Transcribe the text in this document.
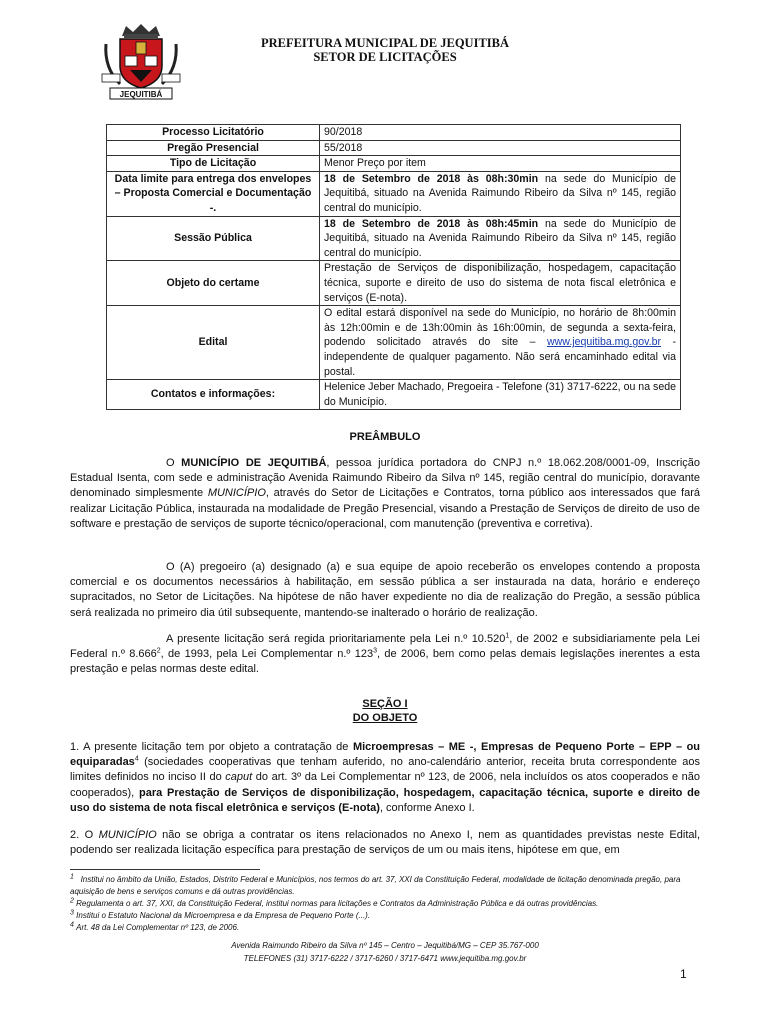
JEQUITIBÁ
PREFEITURA MUNICIPAL DE JEQUITIBÁ
SETOR DE LICITAÇÕES
Processo Licitatório	90/2018
Pregão Presencial	55/2018
Tipo de Licitação	Menor Preço por item
Data limite para entrega dos envelopes – Proposta Comercial e Documentação -.	18 de Setembro de 2018 às 08h:30min na sede do Município de Jequitibá, situado na Avenida Raimundo Ribeiro da Silva nº 145, região central do município.
Sessão Pública	18 de Setembro de 2018 às 08h:45min na sede do Município de Jequitibá, situado na Avenida Raimundo Ribeiro da Silva nº 145, região central do município.
Objeto do certame	Prestação de Serviços de disponibilização, hospedagem, capacitação técnica, suporte e direito de uso do sistema de nota fiscal eletrônica e serviços (E-nota).
Edital	O edital estará disponível na sede do Município, no horário de 8h:00min às 12h:00min e de 13h:00min às 16h:00min, de segunda a sexta-feira, podendo solicitado através do site – www.jequitiba.mg.gov.br - independente de qualquer pagamento. Não será encaminhado edital via postal.
Contatos e informações:	Helenice Jeber Machado, Pregoeira - Telefone (31) 3717-6222, ou na sede do Município.
PREÂMBULO
O MUNICÍPIO DE JEQUITIBÁ, pessoa jurídica portadora do CNPJ n.º 18.062.208/0001-09, Inscrição Estadual Isenta, com sede e administração Avenida Raimundo Ribeiro da Silva nº 145, região central do município, doravante denominado simplesmente MUNICÍPIO, através do Setor de Licitações e Contratos, torna público aos interessados que fará realizar Licitação Pública, instaurada na modalidade de Pregão Presencial, visando a Prestação de Serviços de direito de uso de software e prestação de serviços de suporte técnico/operacional, com manutenção (preventiva e corretiva).
O (A) pregoeiro (a) designado (a) e sua equipe de apoio receberão os envelopes contendo a proposta comercial e os documentos necessários à habilitação, em sessão pública a ser instaurada na data, horário e endereço supracitados, no Setor de Licitações. Na hipótese de não haver expediente no dia de realização do Pregão, a sessão pública será realizada no primeiro dia útil subsequente, mantendo-se inalterado o horário de realização.
A presente licitação será regida prioritariamente pela Lei n.º 10.520$^1$, de 2002 e subsidiariamente pela Lei Federal n.º 8.666$^2$, de 1993, pela Lei Complementar n.º $123^3$, de 2006, bem como pelas demais legislações inerentes a esta prestação e pelas normas deste edital.
SEÇÃO I
DO OBJETO
1. A presente licitação tem por objeto a contratação de Microempresas – ME -, Empresas de Pequeno Porte – EPP – ou equiparadas$^4$ (sociedades cooperativas que tenham auferido, no ano-calendário anterior, receita bruta correspondente aos limites definidos no inciso II do caput do art. 3º da Lei Complementar nº 123, de 2006, nela incluídos os atos cooperados e não cooperados), para Prestação de Serviços de disponibilização, hospedagem, capacitação técnica, suporte e direito de uso do sistema de nota fiscal eletrônica e serviços (E-nota), conforme Anexo I.
2. O MUNICÍPIO não se obriga a contratar os itens relacionados no Anexo I, nem as quantidades previstas neste Edital, podendo ser realizada licitação específica para prestação de serviços de um ou mais itens, hipótese em que, em
$^1$ Institui no âmbito da União, Estados, Distrito Federal e Municípios, nos termos do art. 37, XXI da Constituição Federal, modalidade de licitação denominada pregão, para aquisição de bens e serviços comuns e dá outras providências.
$^2$ Regulamenta o art. 37, XXI, da Constituição Federal, institui normas para licitações e Contratos da Administração Pública e dá outras providências.
$^3$ Institui o Estatuto Nacional da Microempresa e da Empresa de Pequeno Porte (...).
$^4$ Art. 48 da Lei Complementar nº 123, de 2006.
Avenida Raimundo Ribeiro da Silva nº 145 – Centro – Jequitibá/MG – CEP 35.767-000
TELEFONES (31) 3717-6222 / 3717-6260 / 3717-6471 www.jequitiba.mg.gov.br
1
